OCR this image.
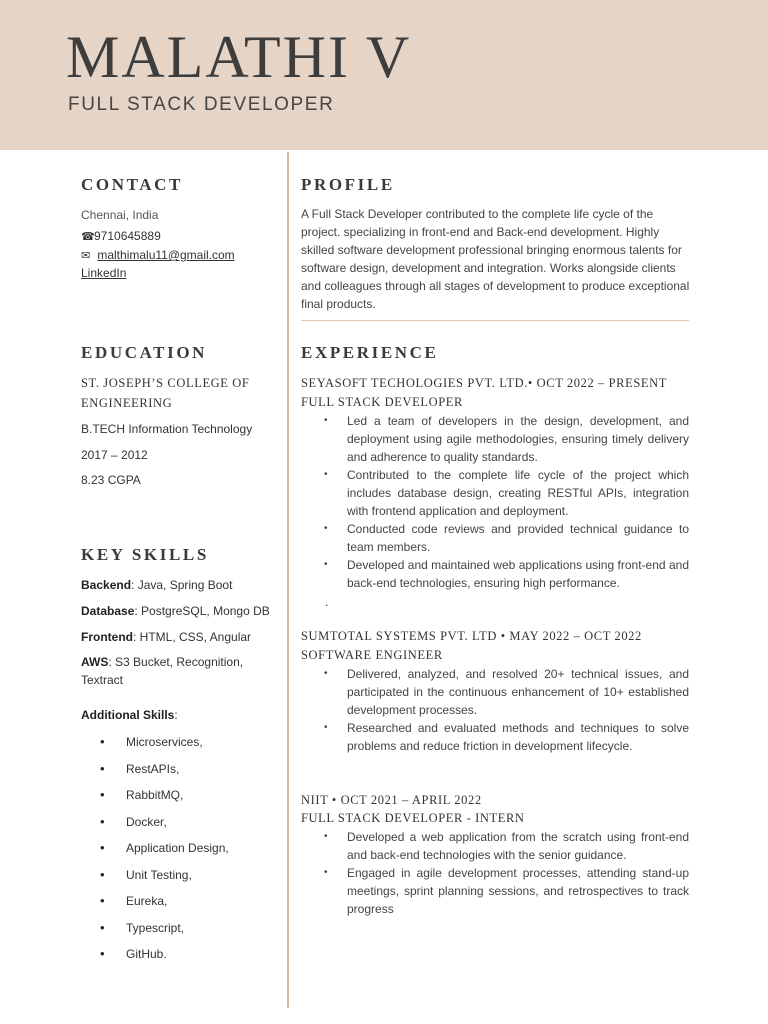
MALATHI V
FULL STACK DEVELOPER
CONTACT
Chennai, India
☎9710645889
✉ malthimalu11@gmail.com
LinkedIn
PROFILE
A Full Stack Developer contributed to the complete life cycle of the project. specializing in front-end and Back-end development. Highly skilled software development professional bringing enormous talents for software design, development and integration. Works alongside clients and colleagues through all stages of development to produce exceptional final products.
EDUCATION
ST. JOSEPH’S COLLEGE OF
ENGINEERING
B.TECH Information Technology
2017 – 2012
8.23 CGPA
KEY SKILLS
Backend: Java, Spring Boot
Database: PostgreSQL, Mongo DB
Frontend: HTML, CSS, Angular
AWS: S3 Bucket, Recognition,
Textract
Additional Skills:
• Microservices,
• RestAPIs,
• RabbitMQ,
• Docker,
• Application Design,
• Unit Testing,
• Eureka,
• Typescript,
• GitHub.
EXPERIENCE
SEYASOFT TECHOLOGIES PVT. LTD.• OCT 2022 – PRESENT
FULL STACK DEVELOPER
• Led a team of developers in the design, development, and deployment using agile methodologies, ensuring timely delivery and adherence to quality standards.
• Contributed to the complete life cycle of the project which includes database design, creating RESTful APIs, integration with frontend application and deployment.
• Conducted code reviews and provided technical guidance to team members.
• Developed and maintained web applications using front-end and back-end technologies, ensuring high performance.
.
SUMTOTAL SYSTEMS PVT. LTD • MAY 2022 – OCT 2022
SOFTWARE ENGINEER
• Delivered, analyzed, and resolved 20+ technical issues, and participated in the continuous enhancement of 10+ established development processes.
• Researched and evaluated methods and techniques to solve problems and reduce friction in development lifecycle.
NIIT • OCT 2021 – APRIL 2022
FULL STACK DEVELOPER - INTERN
• Developed a web application from the scratch using front-end and back-end technologies with the senior guidance.
• Engaged in agile development processes, attending stand-up meetings, sprint planning sessions, and retrospectives to track progress
